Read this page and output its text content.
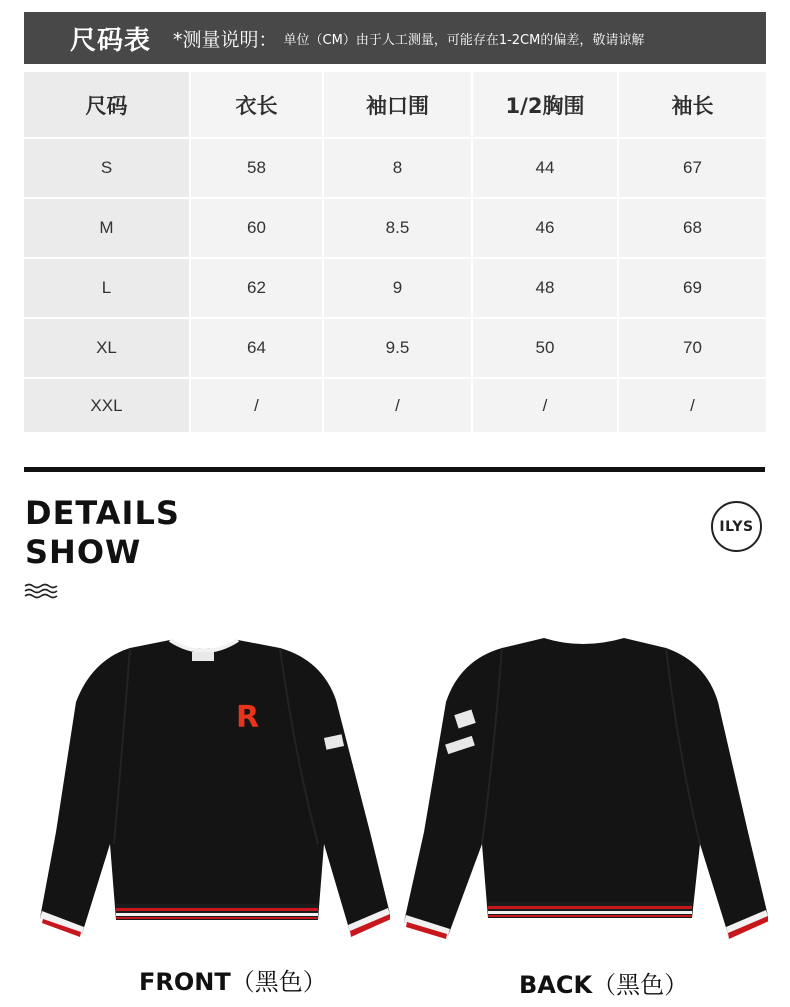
尺码表 *测量说明： 单位（CM）由于人工测量，可能存在1-2CM的偏差，敬请谅解
尺码	衣长	袖口围	1/2胸围	袖长
S	58	8	44	67
M	60	8.5	46	68
L	62	9	48	69
XL	64	9.5	50	70
XXL	/	/	/	/
DETAILS
SHOW
ILYS
R
FRONT（黑色）	BACK（黑色）
